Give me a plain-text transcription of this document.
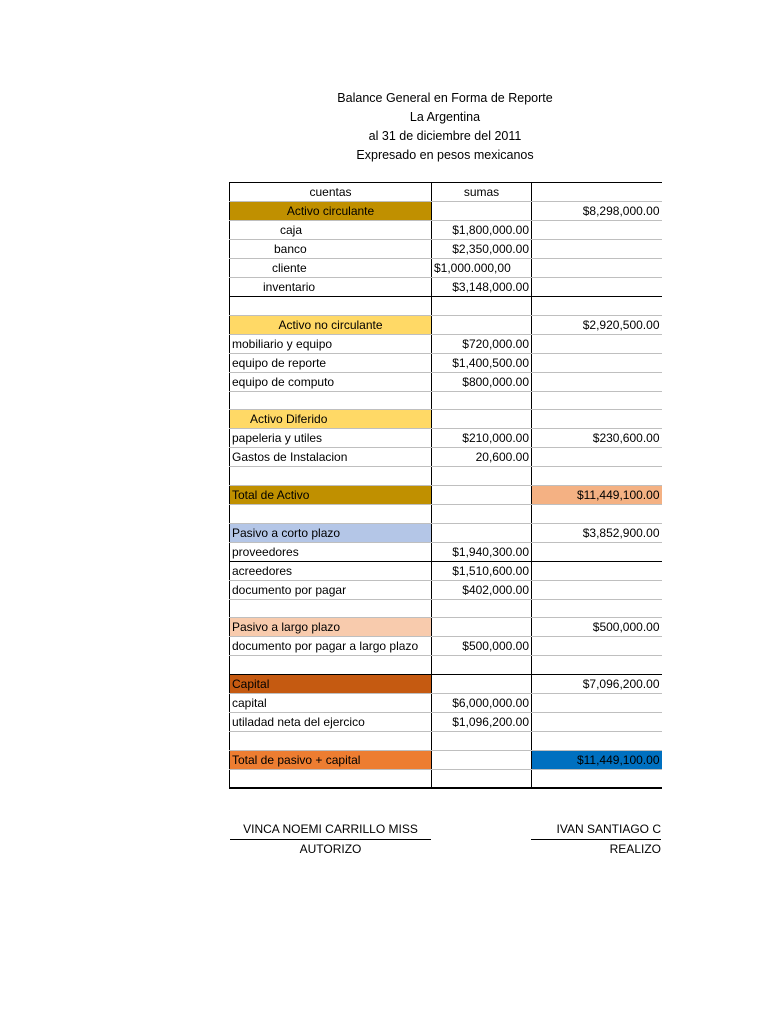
Balance General en Forma de Reporte
La Argentina
al 31 de diciembre del 2011
Expresado en pesos mexicanos
cuentas	sumas	
Activo circulante		$8,298,000.00
caja	$1,800,000.00	
banco	$2,350,000.00	
cliente	$1,000.000,00	
inventario	$3,148,000.00	

Activo no circulante		$2,920,500.00
mobiliario y equipo	$720,000.00	
equipo de reporte	$1,400,500.00	
equipo de computo	$800,000.00	

Activo Diferido		
papeleria y utiles	$210,000.00	$230,600.00
Gastos de Instalacion	20,600.00	

Total de Activo		$11,449,100.00

Pasivo a corto plazo		$3,852,900.00
proveedores	$1,940,300.00	
acreedores	$1,510,600.00	
documento por pagar	$402,000.00	

Pasivo a largo plazo		$500,000.00
documento por pagar a largo plazo	$500,000.00	

Capital		$7,096,200.00
capital	$6,000,000.00	
utiladad neta del ejercico	$1,096,200.00	

Total de pasivo + capital		$11,449,100.00

VINCA NOEMI CARRILLO MISS
AUTORIZO
IVAN SANTIAGO C
REALIZO
